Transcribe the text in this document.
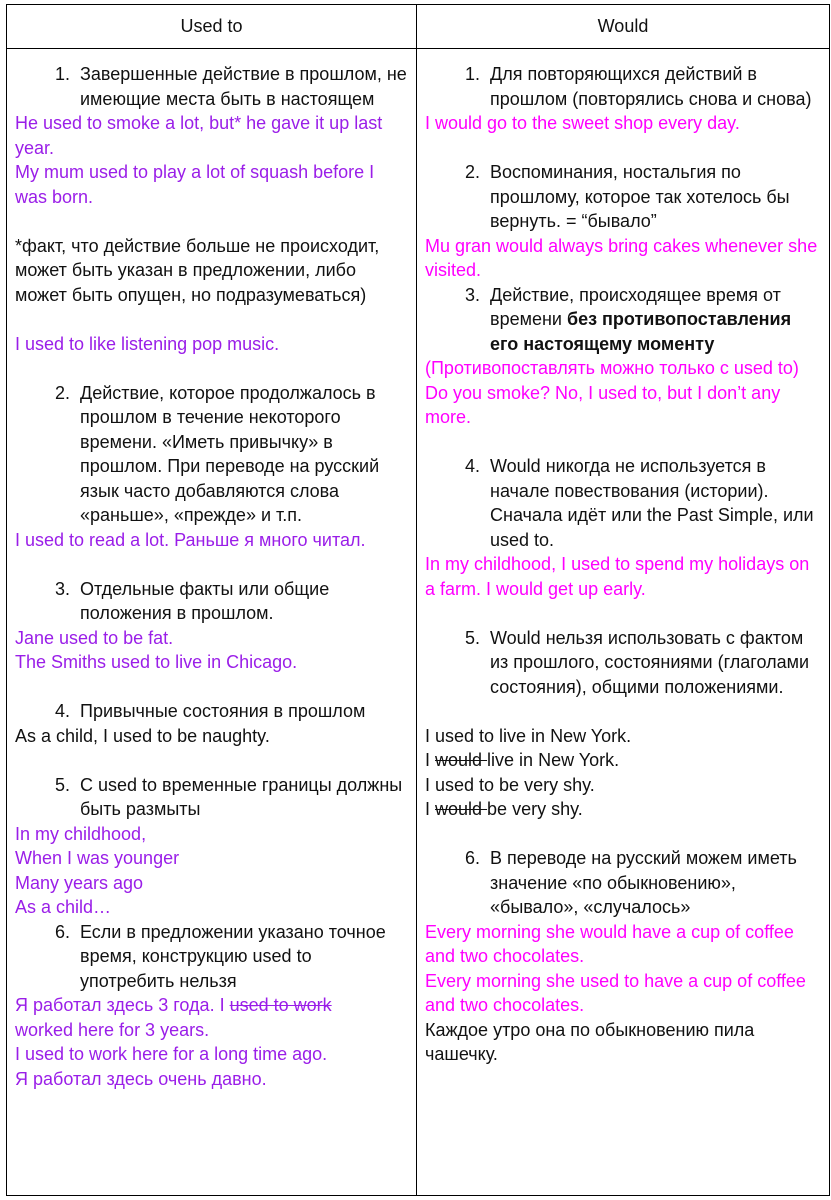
Used to	Would
1. Завершенные действие в прошлом, не имеющие места быть в настоящем
He used to smoke a lot, but* he gave it up last year.
My mum used to play a lot of squash before I was born.
*факт, что действие больше не происходит, может быть указан в предложении, либо может быть опущен, но подразумеваться)
I used to like listening pop music.
2. Действие, которое продолжалось в прошлом в течение некоторого времени. «Иметь привычку» в прошлом. При переводе на русский язык часто добавляются слова «раньше», «прежде» и т.п.
I used to read a lot. Раньше я много читал.
3. Отдельные факты или общие положения в прошлом.
Jane used to be fat.
The Smiths used to live in Chicago.
4. Привычные состояния в прошлом
As a child, I used to be naughty.
5. С used to временные границы должны быть размыты
In my childhood,
When I was younger
Many years ago
As a child…
6. Если в предложении указано точное время, конструкцию used to употребить нельзя
Я работал здесь 3 года. I used to work
worked here for 3 years.
I used to work here for a long time ago.
Я работал здесь очень давно.
1. Для повторяющихся действий в прошлом (повторялись снова и снова)
I would go to the sweet shop every day.
2. Воспоминания, ностальгия по прошлому, которое так хотелось бы вернуть. = “бывало”
Mu gran would always bring cakes whenever she visited.
3. Действие, происходящее время от времени без противопоставления его настоящему моменту
(Противопоставлять можно только с used to)
Do you smoke? No, I used to, but I don’t any more.
4. Would никогда не используется в начале повествования (истории). Сначала идёт или the Past Simple, или used to.
In my childhood, I used to spend my holidays on a farm. I would get up early.
5. Would нельзя использовать с фактом из прошлого, состояниями (глаголами состояния), общими положениями.
I used to live in New York.
I would live in New York.
I used to be very shy.
I would be very shy.
6. В переводе на русский можем иметь значение «по обыкновению», «бывало», «случалось»
Every morning she would have a cup of coffee and two chocolates.
Every morning she used to have a cup of coffee and two chocolates.
Каждое утро она по обыкновению пила чашечку.
